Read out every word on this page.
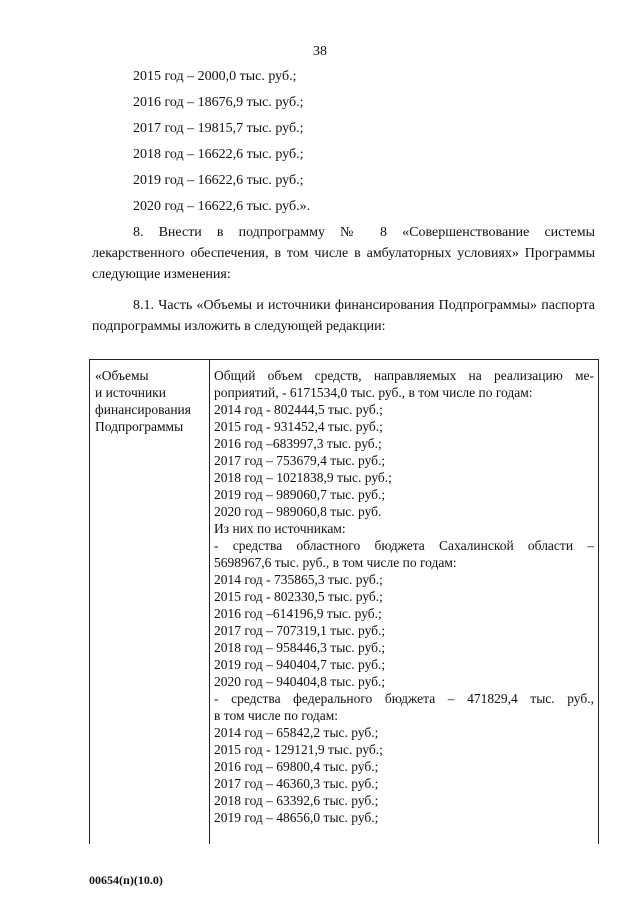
38
2015 год – 2000,0 тыс. руб.;
2016 год – 18676,9 тыс. руб.;
2017 год – 19815,7 тыс. руб.;
2018 год – 16622,6 тыс. руб.;
2019 год – 16622,6 тыс. руб.;
2020 год – 16622,6 тыс. руб.».
8. Внести в подпрограмму № 8 «Совершенствование системы лекарственного обеспечения, в том числе в амбулаторных условиях» Программы следующие изменения:
8.1. Часть «Объемы и источники финансирования Подпрограммы» паспорта подпрограммы изложить в следующей редакции:
«Объемы
и источники
финансирования
Подпрограммы
Общий объем средств, направляемых на реализацию ме-
роприятий, - 6171534,0 тыс. руб., в том числе по годам:
2014 год - 802444,5 тыс. руб.;
2015 год - 931452,4 тыс. руб.;
2016 год –683997,3 тыс. руб.;
2017 год – 753679,4 тыс. руб.;
2018 год – 1021838,9 тыс. руб.;
2019 год – 989060,7 тыс. руб.;
2020 год – 989060,8 тыс. руб.
Из них по источникам:
- средства областного бюджета Сахалинской области –
5698967,6 тыс. руб., в том числе по годам:
2014 год - 735865,3 тыс. руб.;
2015 год - 802330,5 тыс. руб.;
2016 год –614196,9 тыс. руб.;
2017 год – 707319,1 тыс. руб.;
2018 год – 958446,3 тыс. руб.;
2019 год – 940404,7 тыс. руб.;
2020 год – 940404,8 тыс. руб.;
- средства федерального бюджета – 471829,4 тыс. руб.,
в том числе по годам:
2014 год – 65842,2 тыс. руб.;
2015 год - 129121,9 тыс. руб.;
2016 год – 69800,4 тыс. руб.;
2017 год – 46360,3 тыс. руб.;
2018 год – 63392,6 тыс. руб.;
2019 год – 48656,0 тыс. руб.;
00654(п)(10.0)
